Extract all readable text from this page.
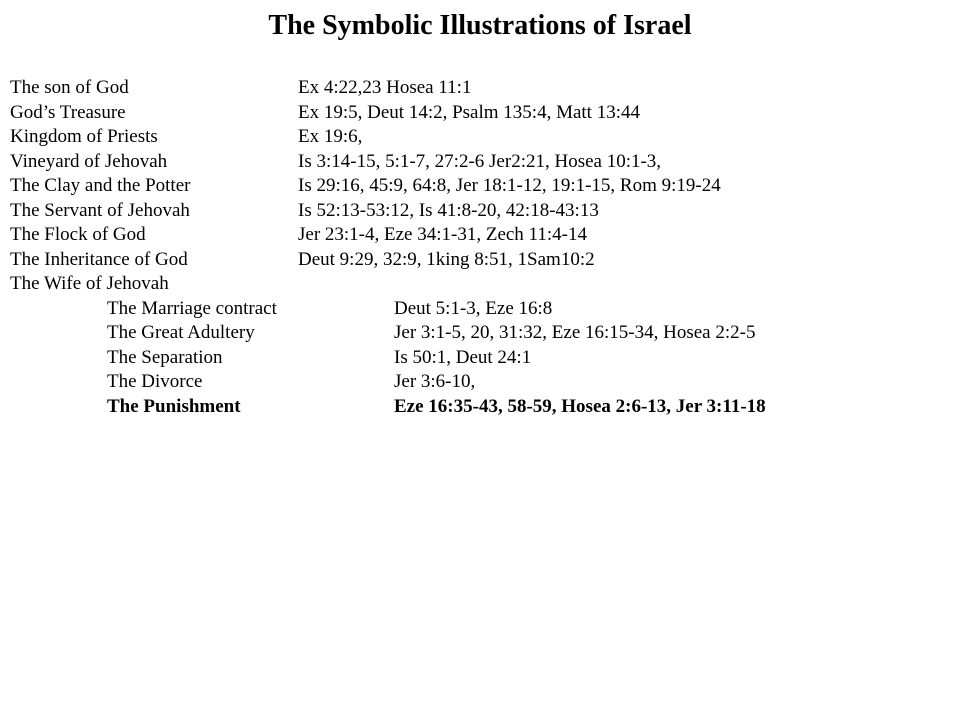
The Symbolic Illustrations of Israel
The son of God	Ex 4:22,23 Hosea 11:1
God’s Treasure	Ex 19:5, Deut 14:2, Psalm 135:4, Matt 13:44
Kingdom of Priests	Ex 19:6,
Vineyard of Jehovah	Is 3:14-15, 5:1-7, 27:2-6 Jer2:21, Hosea 10:1-3,
The Clay and the Potter	Is 29:16, 45:9, 64:8, Jer 18:1-12, 19:1-15, Rom 9:19-24
The Servant of Jehovah	Is 52:13-53:12, Is 41:8-20, 42:18-43:13
The Flock of God	Jer 23:1-4, Eze 34:1-31, Zech 11:4-14
The Inheritance of God	Deut 9:29, 32:9, 1king 8:51, 1Sam10:2
The Wife of Jehovah
The Marriage contract	Deut 5:1-3, Eze 16:8
The Great Adultery	Jer 3:1-5, 20, 31:32, Eze 16:15-34, Hosea 2:2-5
The Separation	Is 50:1, Deut 24:1
The Divorce	Jer 3:6-10,
The Punishment	Eze 16:35-43, 58-59, Hosea 2:6-13, Jer 3:11-18
